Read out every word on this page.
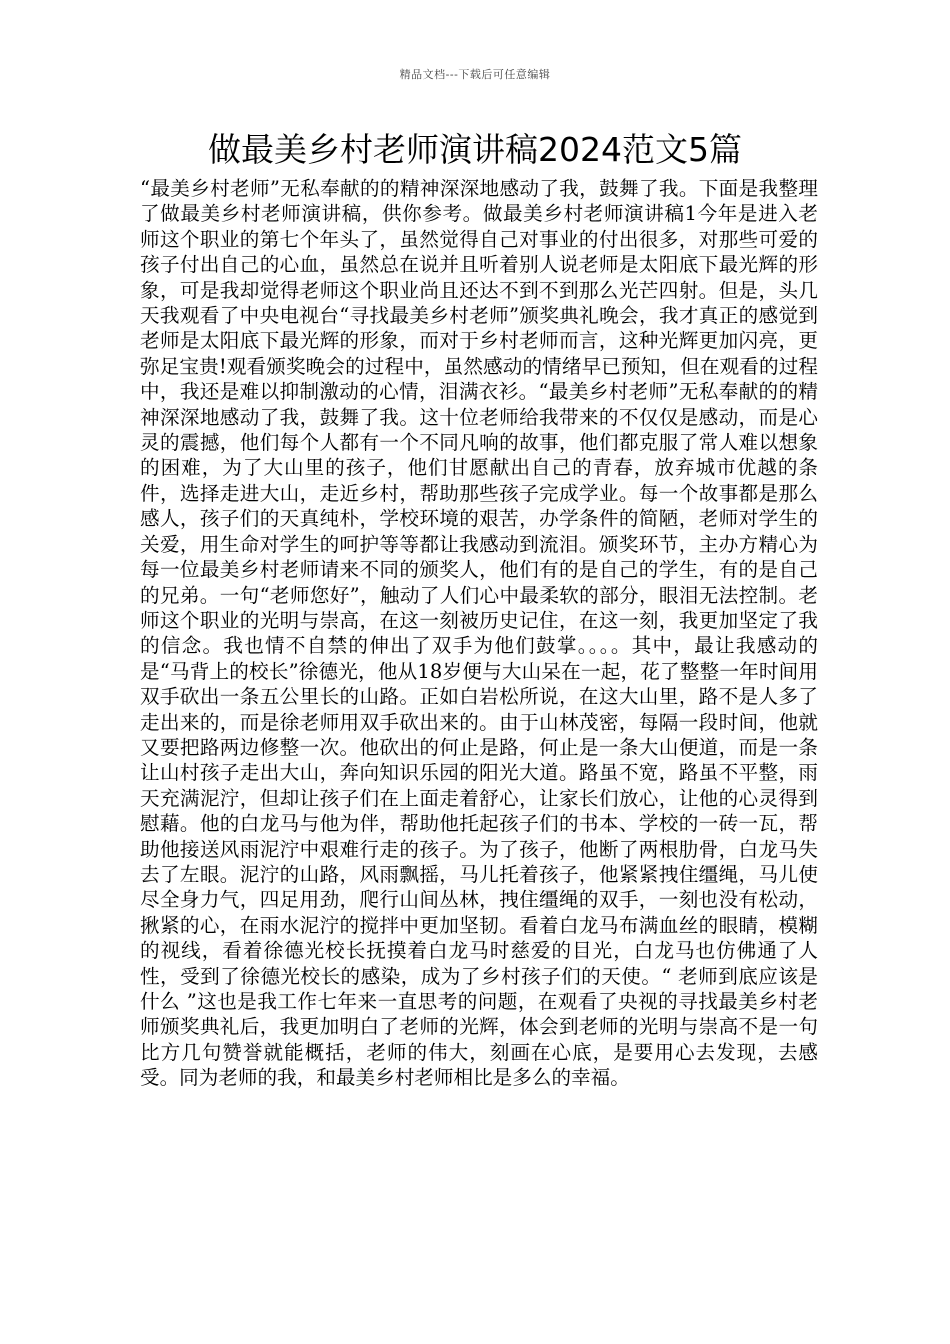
精品文档---下载后可任意编辑
做最美乡村老师演讲稿2024范文5篇

“最美乡村老师”无私奉献的的精神深深地感动了我，鼓舞了我。下面是我整理了做最美乡村老师演讲稿，供你参考。做最美乡村老师演讲稿1今年是进入老师这个职业的第七个年头了，虽然觉得自己对事业的付出很多，对那些可爱的孩子付出自己的心血，虽然总在说并且听着别人说老师是太阳底下最光辉的形象，可是我却觉得老师这个职业尚且还达不到不到那么光芒四射。但是，头几天我观看了中央电视台“寻找最美乡村老师”颁奖典礼晚会，我才真正的感觉到老师是太阳底下最光辉的形象，而对于乡村老师而言，这种光辉更加闪亮，更弥足宝贵!观看颁奖晚会的过程中，虽然感动的情绪早已预知，但在观看的过程中，我还是难以抑制激动的心情，泪满衣衫。“最美乡村老师”无私奉献的的精神深深地感动了我，鼓舞了我。这十位老师给我带来的不仅仅是感动，而是心灵的震撼，他们每个人都有一个不同凡响的故事，他们都克服了常人难以想象的困难，为了大山里的孩子，他们甘愿献出自己的青春，放弃城市优越的条件，选择走进大山，走近乡村，帮助那些孩子完成学业。每一个故事都是那么感人，孩子们的天真纯朴，学校环境的艰苦，办学条件的简陋，老师对学生的关爱，用生命对学生的呵护等等都让我感动到流泪。颁奖环节，主办方精心为每一位最美乡村老师请来不同的颁奖人，他们有的是自己的学生，有的是自己的兄弟。一句“老师您好”，触动了人们心中最柔软的部分，眼泪无法控制。老师这个职业的光明与崇高，在这一刻被历史记住，在这一刻，我更加坚定了我的信念。我也情不自禁的伸出了双手为他们鼓掌。。。。其中，最让我感动的是“马背上的校长”徐德光，他从18岁便与大山呆在一起，花了整整一年时间用双手砍出一条五公里长的山路。正如白岩松所说，在这大山里，路不是人多了走出来的，而是徐老师用双手砍出来的。由于山林茂密，每隔一段时间，他就又要把路两边修整一次。他砍出的何止是路，何止是一条大山便道，而是一条让山村孩子走出大山，奔向知识乐园的阳光大道。路虽不宽，路虽不平整，雨天充满泥泞，但却让孩子们在上面走着舒心，让家长们放心，让他的心灵得到慰藉。他的白龙马与他为伴，帮助他托起孩子们的书本、学校的一砖一瓦，帮助他接送风雨泥泞中艰难行走的孩子。为了孩子，他断了两根肋骨，白龙马失去了左眼。泥泞的山路，风雨飘摇，马儿托着孩子，他紧紧拽住缰绳，马儿使尽全身力气，四足用劲，爬行山间丛林，拽住缰绳的双手，一刻也没有松动，揪紧的心，在雨水泥泞的搅拌中更加坚韧。看着白龙马布满血丝的眼睛，模糊的视线，看着徐德光校长抚摸着白龙马时慈爱的目光，白龙马也仿佛通了人性，受到了徐德光校长的感染，成为了乡村孩子们的天使。“ 老师到底应该是什么 ”这也是我工作七年来一直思考的问题，在观看了央视的寻找最美乡村老师颁奖典礼后，我更加明白了老师的光辉，体会到老师的光明与崇高不是一句比方几句赞誉就能概括，老师的伟大，刻画在心底，是要用心去发现，去感受。同为老师的我，和最美乡村老师相比是多么的幸福。
